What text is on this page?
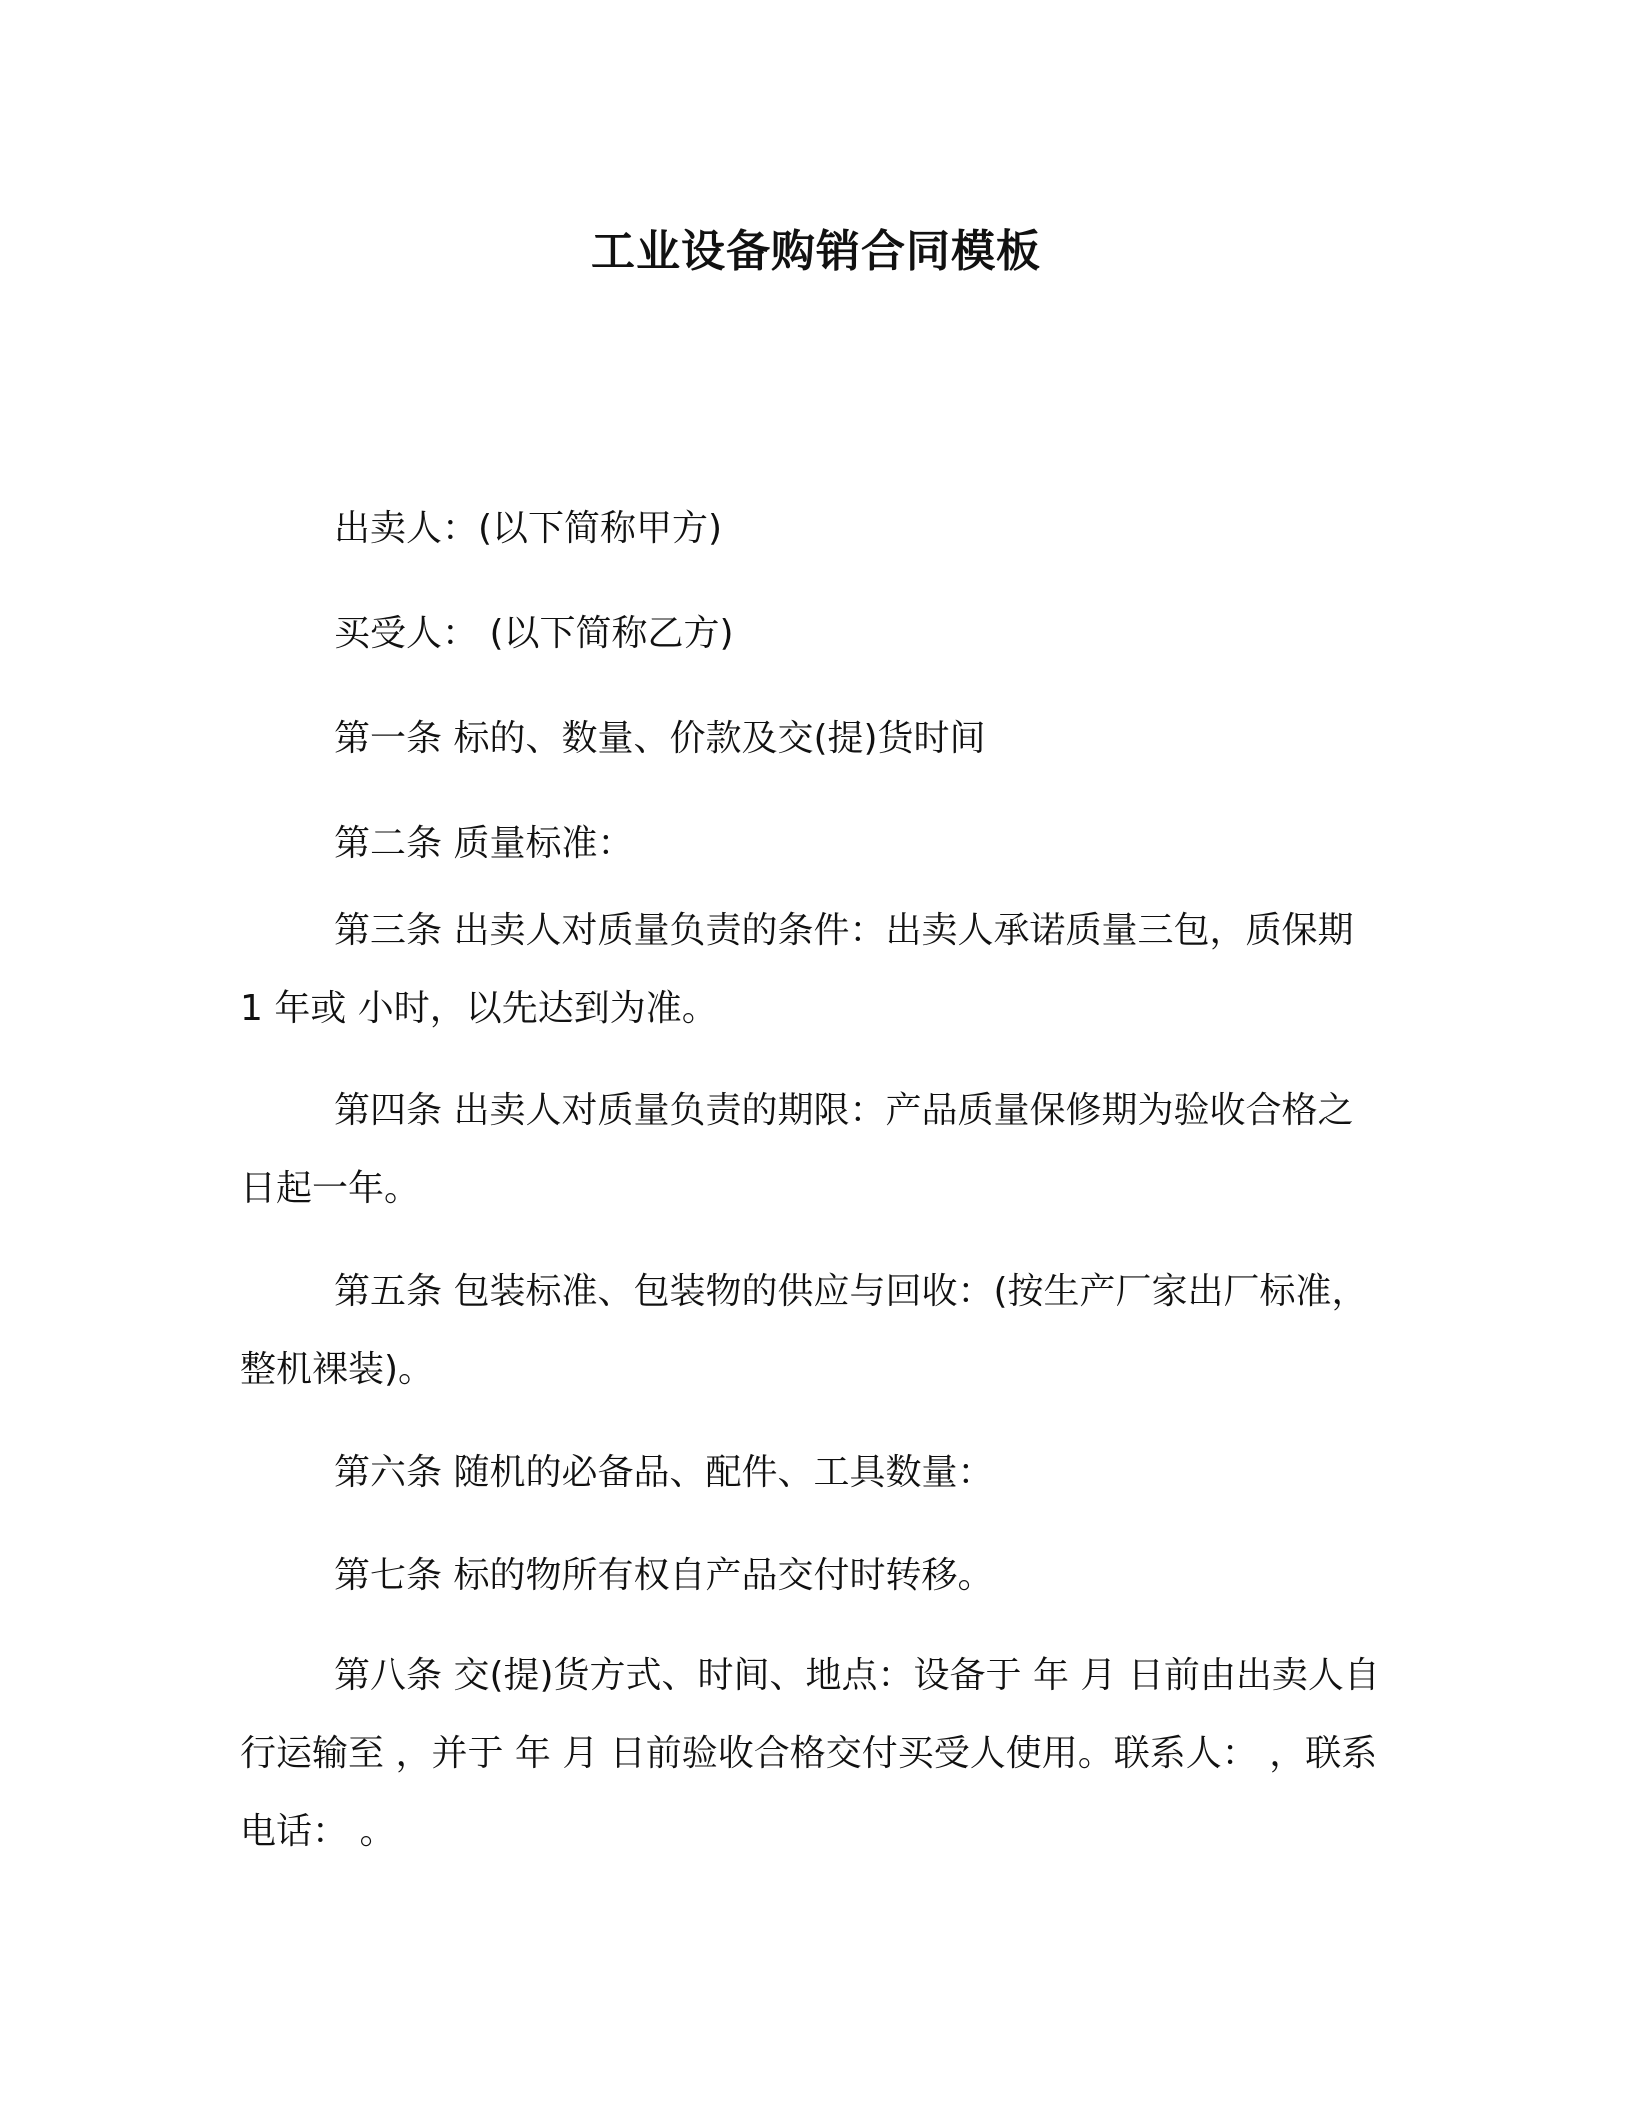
工业设备购销合同模板

出卖人：(以下简称甲方)

买受人： (以下简称乙方)

第一条 标的、数量、价款及交(提)货时间

第二条 质量标准：

第三条 出卖人对质量负责的条件：出卖人承诺质量三包，质保期 1 年或 小时，以先达到为准。

第四条 出卖人对质量负责的期限：产品质量保修期为验收合格之日起一年。

第五条 包装标准、包装物的供应与回收：(按生产厂家出厂标准，整机裸装)。

第六条 随机的必备品、配件、工具数量：

第七条 标的物所有权自产品交付时转移。

第八条 交(提)货方式、时间、地点：设备于 年 月 日前由出卖人自行运输至 ，并于 年 月 日前验收合格交付买受人使用。联系人： ，联系电话： 。
